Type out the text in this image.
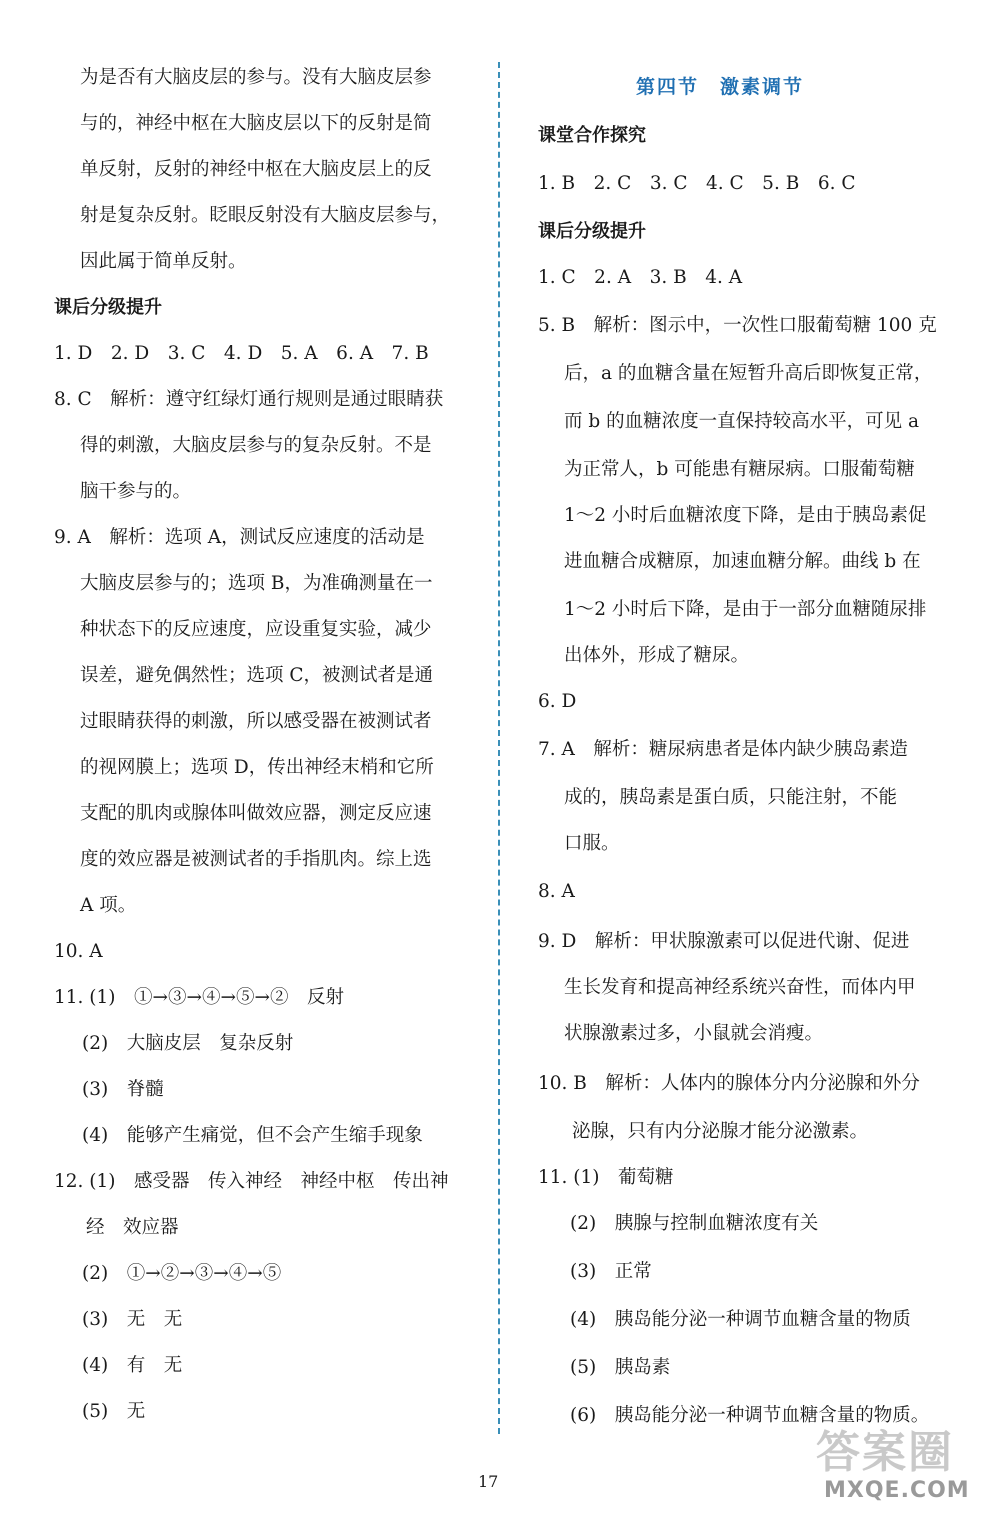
为是否有大脑皮层的参与。没有大脑皮层参
与的，神经中枢在大脑皮层以下的反射是简
单反射，反射的神经中枢在大脑皮层上的反
射是复杂反射。眨眼反射没有大脑皮层参与，
因此属于简单反射。
课后分级提升
1. D　2. D　3. C　4. D　5. A　6. A　7. B
8. C　解析：遵守红绿灯通行规则是通过眼睛获
得的刺激，大脑皮层参与的复杂反射。不是
脑干参与的。
9. A　解析：选项 A，测试反应速度的活动是
大脑皮层参与的；选项 B，为准确测量在一
种状态下的反应速度，应设重复实验，减少
误差，避免偶然性；选项 C，被测试者是通
过眼睛获得的刺激，所以感受器在被测试者
的视网膜上；选项 D，传出神经末梢和它所
支配的肌肉或腺体叫做效应器，测定反应速
度的效应器是被测试者的手指肌肉。综上选
A 项。
10. A
11. (1)　①→③→④→⑤→②　反射
(2)　大脑皮层　复杂反射
(3)　脊髓
(4)　能够产生痛觉，但不会产生缩手现象
12. (1)　感受器　传入神经　神经中枢　传出神
经　效应器
(2)　①→②→③→④→⑤
(3)　无　无
(4)　有　无
(5)　无
第四节　激素调节
课堂合作探究
1. B　2. C　3. C　4. C　5. B　6. C
课后分级提升
1. C　2. A　3. B　4. A
5. B　解析：图示中，一次性口服葡萄糖 100 克
后，a 的血糖含量在短暂升高后即恢复正常，
而 b 的血糖浓度一直保持较高水平，可见 a
为正常人，b 可能患有糖尿病。口服葡萄糖
1～2 小时后血糖浓度下降，是由于胰岛素促
进血糖合成糖原，加速血糖分解。曲线 b 在
1～2 小时后下降，是由于一部分血糖随尿排
出体外，形成了糖尿。
6. D
7. A　解析：糖尿病患者是体内缺少胰岛素造
成的，胰岛素是蛋白质，只能注射，不能
口服。
8. A
9. D　解析：甲状腺激素可以促进代谢、促进
生长发育和提高神经系统兴奋性，而体内甲
状腺激素过多，小鼠就会消瘦。
10. B　解析：人体内的腺体分内分泌腺和外分
泌腺，只有内分泌腺才能分泌激素。
11. (1)　葡萄糖
(2)　胰腺与控制血糖浓度有关
(3)　正常
(4)　胰岛能分泌一种调节血糖含量的物质
(5)　胰岛素
(6)　胰岛能分泌一种调节血糖含量的物质。
17
答案圈
MXQE.COM
